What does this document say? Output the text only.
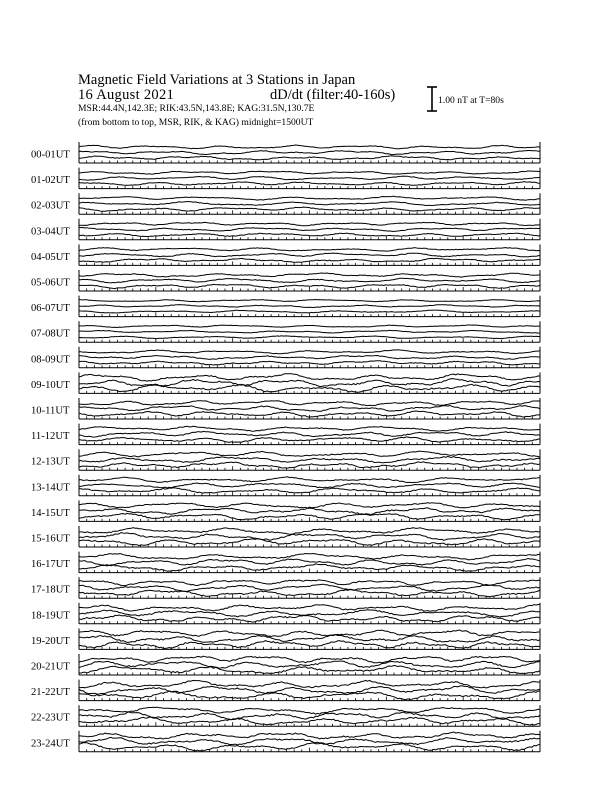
Magnetic Field Variations at 3 Stations in Japan
16 August 2021	dD/dt (filter:40-160s)
MSR:44.4N,142.3E; RIK:43.5N,143.8E; KAG:31.5N,130.7E
(from bottom to top, MSR, RIK, & KAG) midnight=1500UT
1.00 nT at T=80s
00-01UT
01-02UT
02-03UT
03-04UT
04-05UT
05-06UT
06-07UT
07-08UT
08-09UT
09-10UT
10-11UT
11-12UT
12-13UT
13-14UT
14-15UT
15-16UT
16-17UT
17-18UT
18-19UT
19-20UT
20-21UT
21-22UT
22-23UT
23-24UT
